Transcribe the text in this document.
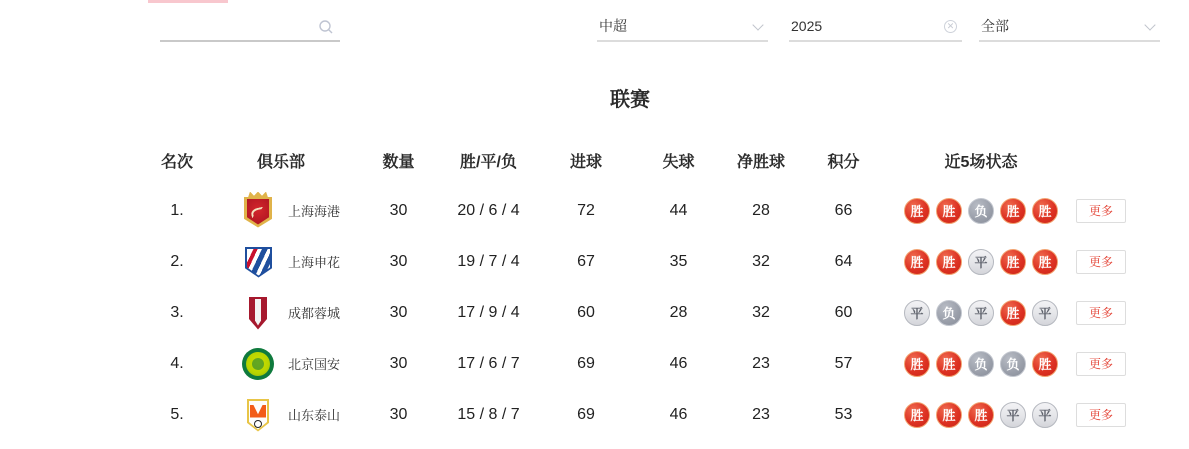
中超	2025	✕ 全部
联赛
名次	俱乐部	数量	胜/平/负	进球	失球	净胜球	积分	近5场状态
1.	上海海港	30	20 / 6 / 4	72	44	28	66	胜	胜	负	胜	胜	更多
2.	上海申花	30	19 / 7 / 4	67	35	32	64	胜	胜	平	胜	胜	更多
3.	成都蓉城	30	17 / 9 / 4	60	28	32	60	平	负	平	胜	平	更多
4.	北京国安	30	17 / 6 / 7	69	46	23	57	胜	胜	负	负	胜	更多
5.	山东泰山	30	15 / 8 / 7	69	46	23	53	胜	胜	胜	平	平	更多
